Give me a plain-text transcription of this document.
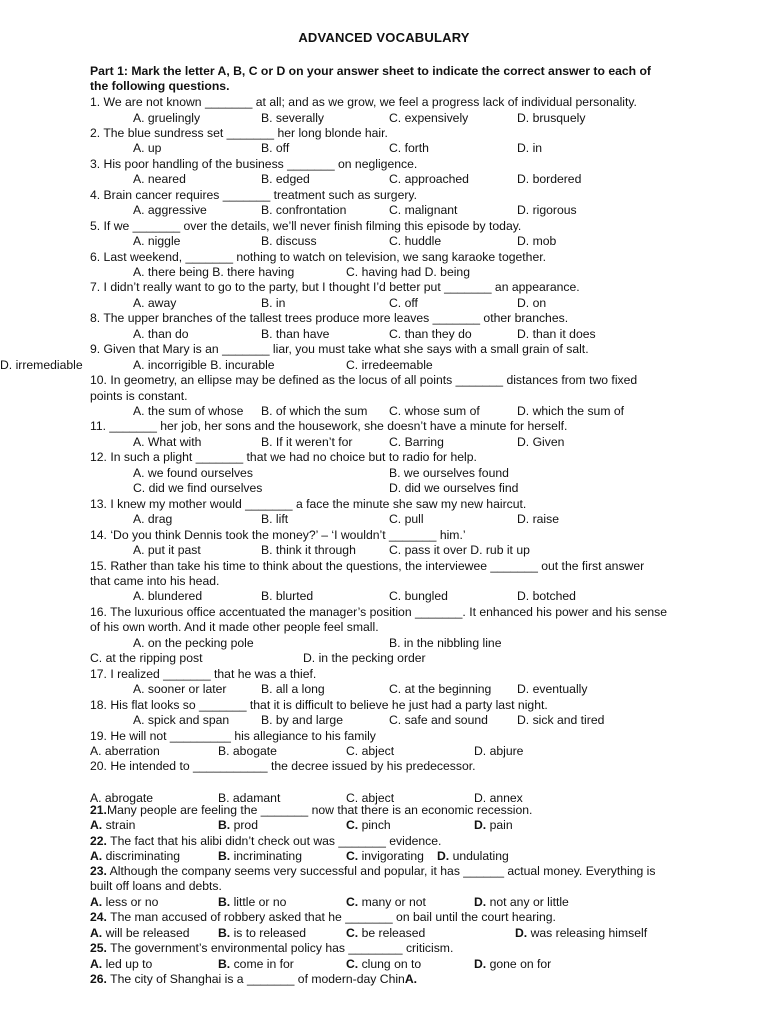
ADVANCED VOCABULARY
Part 1: Mark the letter A, B, C or D on your answer sheet to indicate the correct answer to each of
the following questions.
1. We are not known _______ at all; and as we grow, we feel a progress lack of individual personality.
A. gruelingly	B. severally	C. expensively	D. brusquely
2. The blue sundress set _______ her long blonde hair.
A. up	B. off	C. forth	D. in
3. His poor handling of the business _______ on negligence.
A. neared	B. edged	C. approached	D. bordered
4. Brain cancer requires _______ treatment such as surgery.
A. aggressive	B. confrontation	C. malignant	D. rigorous
5. If we _______ over the details, we’ll never finish filming this episode by today.
A. niggle	B. discuss	C. huddle	D. mob
6. Last weekend, _______ nothing to watch on television, we sang karaoke together.
A. there being B. there having	C. having had D. being
7. I didn’t really want to go to the party, but I thought I’d better put _______ an appearance.
A. away	B. in	C. off	D. on
8. The upper branches of the tallest trees produce more leaves _______ other branches.
A. than do	B. than have	C. than they do	D. than it does
9. Given that Mary is an _______ liar, you must take what she says with a small grain of salt.
A. incorrigible B. incurable	C. irredeemable
D. irremediable
10. In geometry, an ellipse may be defined as the locus of all points _______ distances from two fixed
points is constant.
A. the sum of whose B. of which the sum C. whose sum of	D. which the sum of
11. _______ her job, her sons and the housework, she doesn’t have a minute for herself.
A. What with	B. If it weren’t for	C. Barring	D. Given
12. In such a plight _______ that we had no choice but to radio for help.
A. we found ourselves	B. we ourselves found
C. did we find ourselves	D. did we ourselves find
13. I knew my mother would _______ a face the minute she saw my new haircut.
A. drag	B. lift	C. pull	D. raise
14. ‘Do you think Dennis took the money?’ – ‘I wouldn’t _______ him.’
A. put it past	B. think it through	C. pass it over D. rub it up
15. Rather than take his time to think about the questions, the interviewee _______ out the first answer
that came into his head.
A. blundered	B. blurted	C. bungled	D. botched
16. The luxurious office accentuated the manager’s position _______. It enhanced his power and his sense
of his own worth. And it made other people feel small.
A. on the pecking pole	B. in the nibbling line
C. at the ripping post	D. in the pecking order
17. I realized _______ that he was a thief.
A. sooner or later	B. all a long	C. at the beginning D. eventually
18. His flat looks so _______ that it is difficult to believe he just had a party last night.
A. spick and span	B. by and large	C. safe and sound D. sick and tired
19. He will not _________ his allegiance to his family
A. aberration	B. abogate	C. abject	D. abjure
20. He intended to ___________ the decree issued by his predecessor.
A. abrogate	B. adamant	C. abject	D. annex
21.Many people are feeling the _______ now that there is an economic recession.
A. strain	B. prod	C. pinch	D. pain
22. The fact that his alibi didn’t check out was _______ evidence.
A. discriminating	B. incriminating	C. invigorating D. undulating
23. Although the company seems very successful and popular, it has ______ actual money. Everything is
built off loans and debts.
A. less or no	B. little or no	C. many or not	D. not any or little
24. The man accused of robbery asked that he _______ on bail until the court hearing.
A. will be released B. is to released	C. be released	D. was releasing himself
25. The government’s environmental policy has ________ criticism.
A. led up to	B. come in for	C. clung on to	D. gone on for
26. The city of Shanghai is a _______ of modern-day ChinA.
